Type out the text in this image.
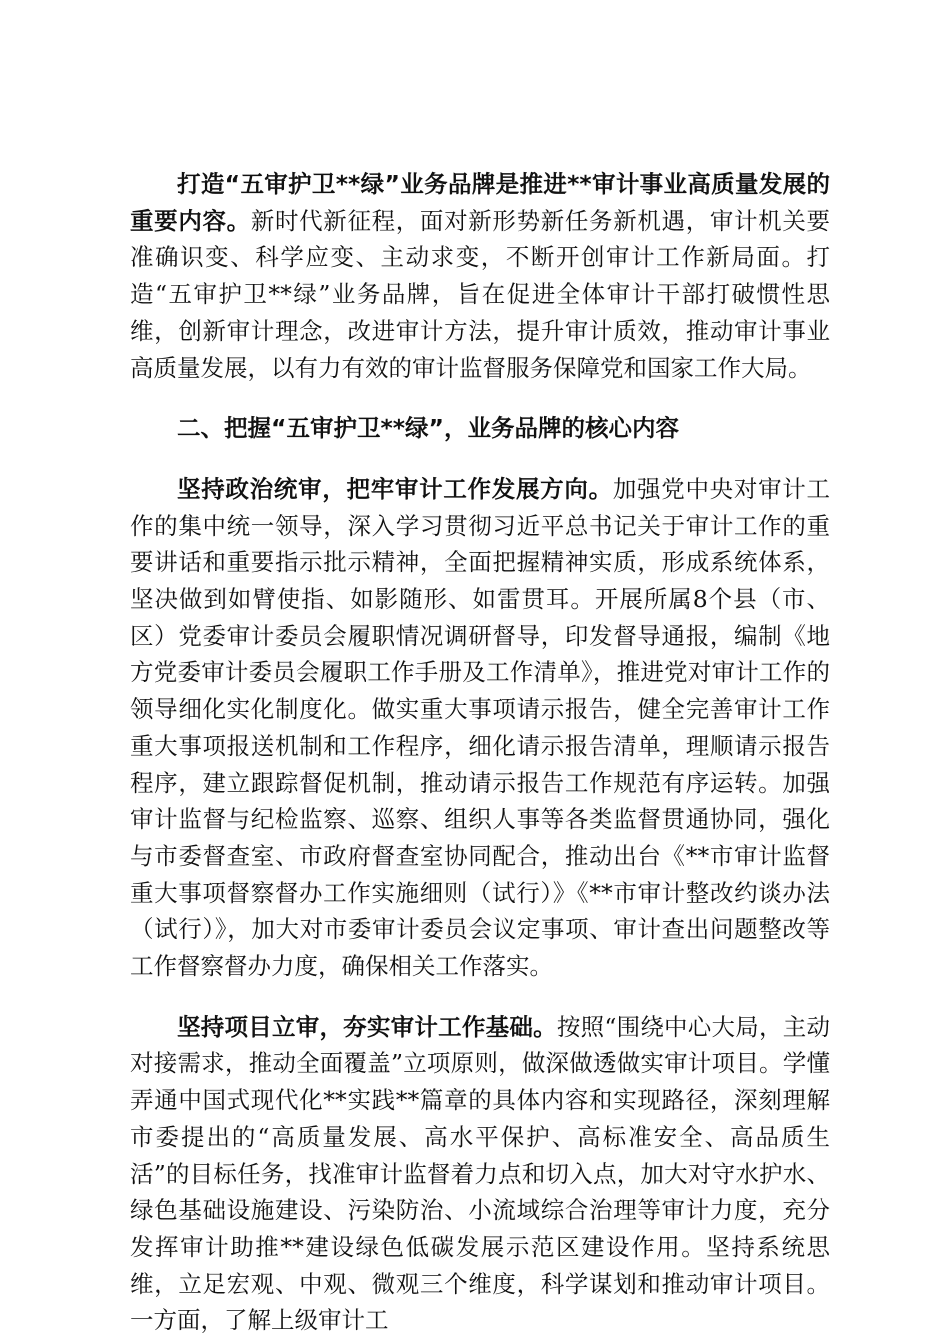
打造“五审护卫**绿”业务品牌是推进**审计事业高质量发展的重要内容。新时代新征程，面对新形势新任务新机遇，审计机关要准确识变、科学应变、主动求变，不断开创审计工作新局面。打造“五审护卫**绿”业务品牌，旨在促进全体审计干部打破惯性思维，创新审计理念，改进审计方法，提升审计质效，推动审计事业高质量发展，以有力有效的审计监督服务保障党和国家工作大局。

二、把握“五审护卫**绿”，业务品牌的核心内容

坚持政治统审，把牢审计工作发展方向。加强党中央对审计工作的集中统一领导，深入学习贯彻习近平总书记关于审计工作的重要讲话和重要指示批示精神，全面把握精神实质，形成系统体系，坚决做到如臂使指、如影随形、如雷贯耳。开展所属8个县（市、区）党委审计委员会履职情况调研督导，印发督导通报，编制《地方党委审计委员会履职工作手册及工作清单》，推进党对审计工作的领导细化实化制度化。做实重大事项请示报告，健全完善审计工作重大事项报送机制和工作程序，细化请示报告清单，理顺请示报告程序，建立跟踪督促机制，推动请示报告工作规范有序运转。加强审计监督与纪检监察、巡察、组织人事等各类监督贯通协同，强化与市委督查室、市政府督查室协同配合，推动出台《**市审计监督重大事项督察督办工作实施细则（试行）》《**市审计整改约谈办法（试行）》，加大对市委审计委员会议定事项、审计查出问题整改等工作督察督办力度，确保相关工作落实。

坚持项目立审，夯实审计工作基础。按照“围绕中心大局，主动对接需求，推动全面覆盖”立项原则，做深做透做实审计项目。学懂弄通中国式现代化**实践**篇章的具体内容和实现路径，深刻理解市委提出的“高质量发展、高水平保护、高标准安全、高品质生活”的目标任务，找准审计监督着力点和切入点，加大对守水护水、绿色基础设施建设、污染防治、小流域综合治理等审计力度，充分发挥审计助推**建设绿色低碳发展示范区建设作用。坚持系统思维，立足宏观、中观、微观三个维度，科学谋划和推动审计项目。一方面，了解上级审计工
